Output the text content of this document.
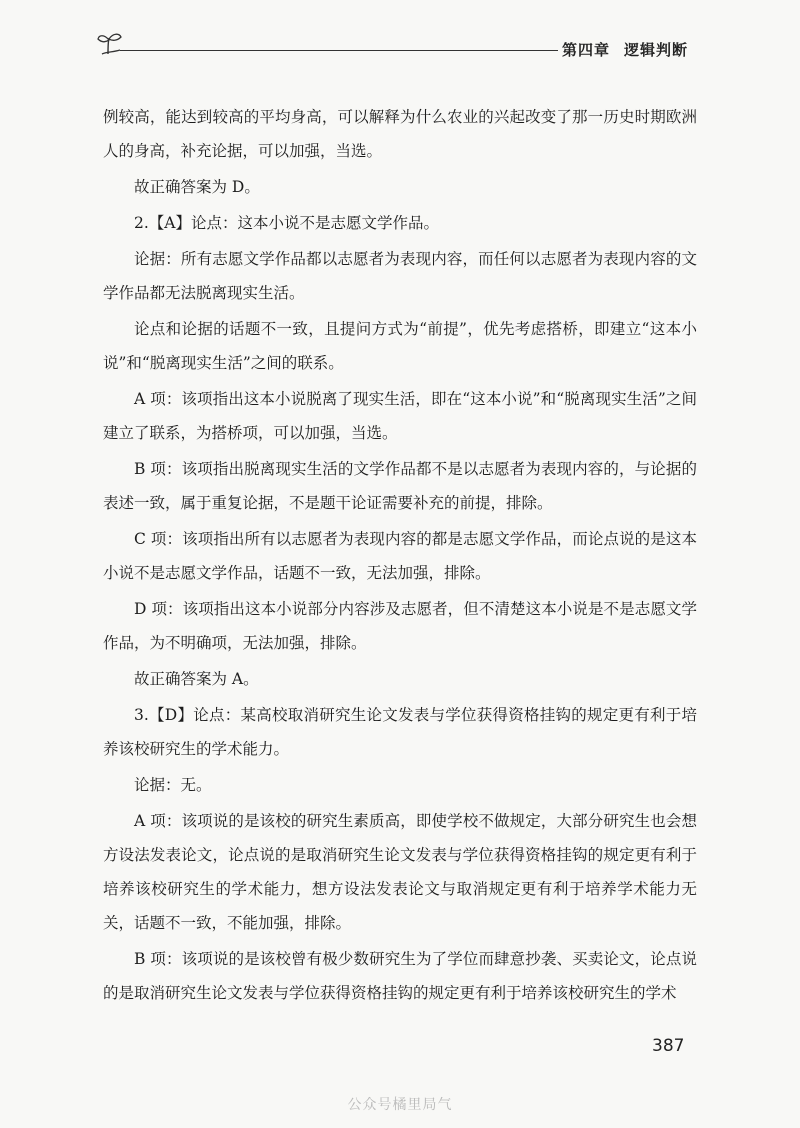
第四章 逻辑判断

例较高，能达到较高的平均身高，可以解释为什么农业的兴起改变了那一历史时期欧洲人的身高，补充论据，可以加强，当选。

故正确答案为 D。

2.【A】论点：这本小说不是志愿文学作品。

论据：所有志愿文学作品都以志愿者为表现内容，而任何以志愿者为表现内容的文学作品都无法脱离现实生活。

论点和论据的话题不一致，且提问方式为“前提”，优先考虑搭桥，即建立“这本小说”和“脱离现实生活”之间的联系。

A 项：该项指出这本小说脱离了现实生活，即在“这本小说”和“脱离现实生活”之间建立了联系，为搭桥项，可以加强，当选。

B 项：该项指出脱离现实生活的文学作品都不是以志愿者为表现内容的，与论据的表述一致，属于重复论据，不是题干论证需要补充的前提，排除。

C 项：该项指出所有以志愿者为表现内容的都是志愿文学作品，而论点说的是这本小说不是志愿文学作品，话题不一致，无法加强，排除。

D 项：该项指出这本小说部分内容涉及志愿者，但不清楚这本小说是不是志愿文学作品，为不明确项，无法加强，排除。

故正确答案为 A。

3.【D】论点：某高校取消研究生论文发表与学位获得资格挂钩的规定更有利于培养该校研究生的学术能力。

论据：无。

A 项：该项说的是该校的研究生素质高，即使学校不做规定，大部分研究生也会想方设法发表论文，论点说的是取消研究生论文发表与学位获得资格挂钩的规定更有利于培养该校研究生的学术能力，想方设法发表论文与取消规定更有利于培养学术能力无关，话题不一致，不能加强，排除。

B 项：该项说的是该校曾有极少数研究生为了学位而肆意抄袭、买卖论文，论点说的是取消研究生论文发表与学位获得资格挂钩的规定更有利于培养该校研究生的学术

387
公众号橘里局气
